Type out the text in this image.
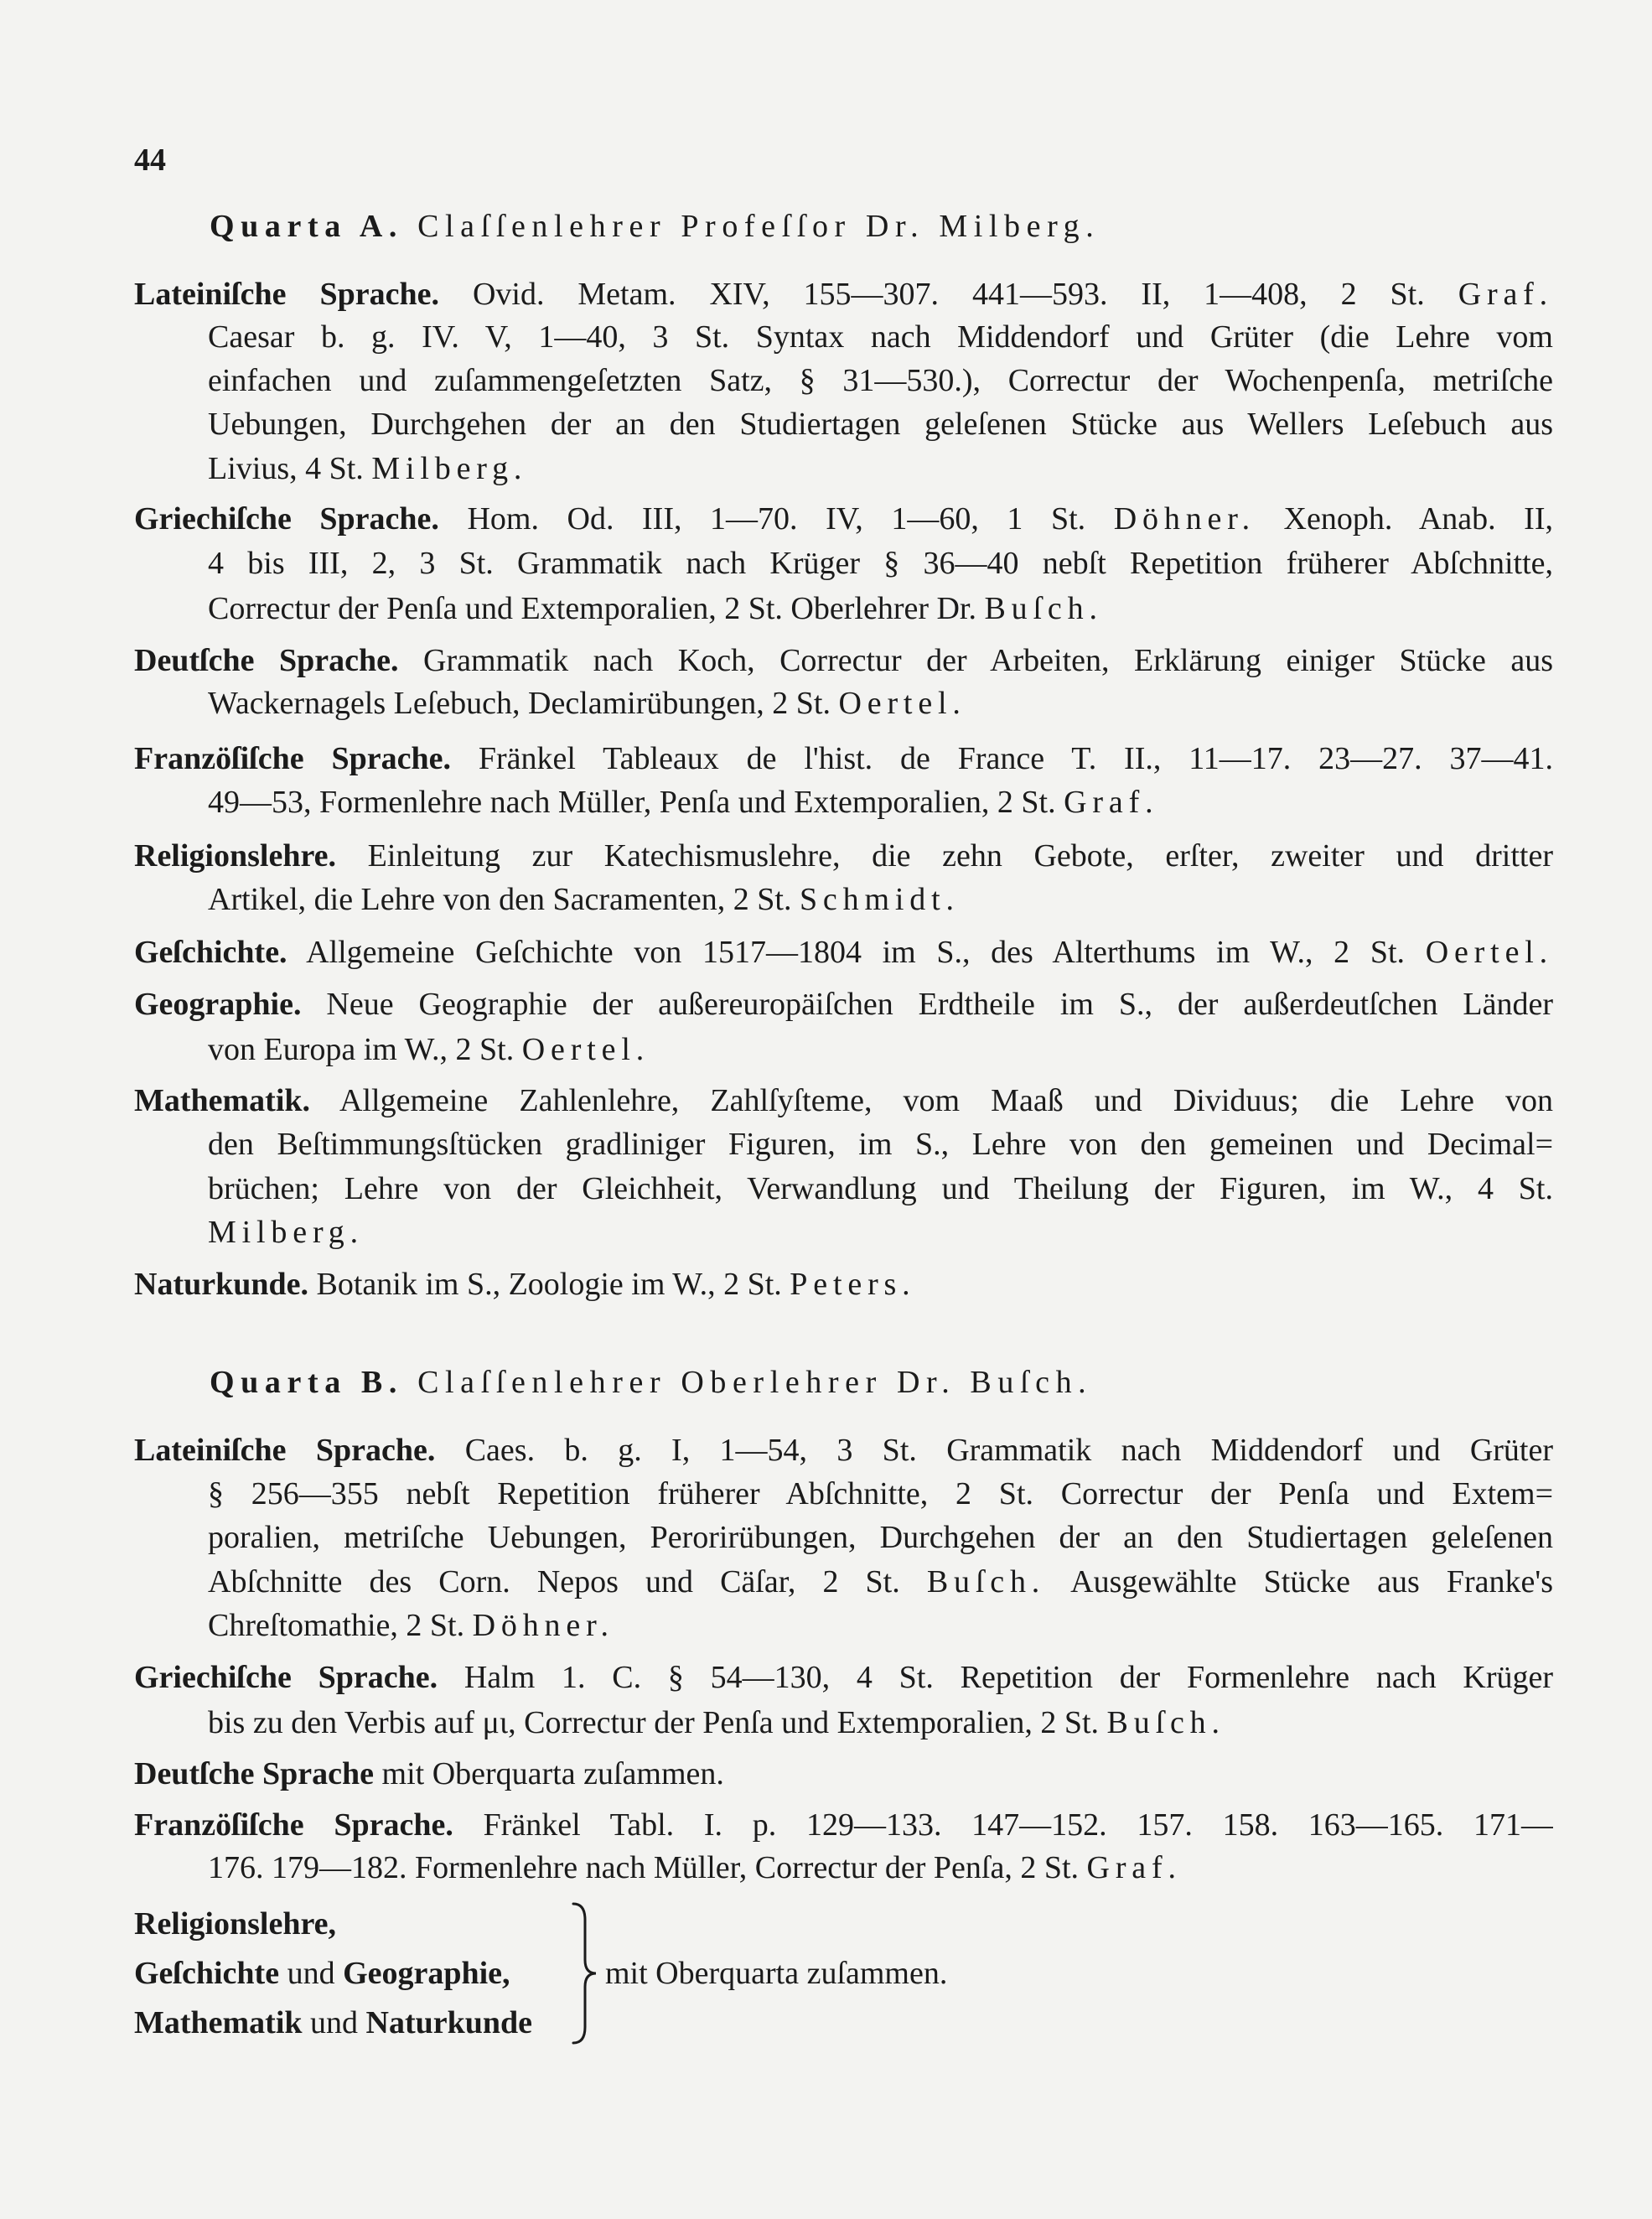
44
Quarta A. Claſſenlehrer Profeſſor Dr. Milberg.
Lateiniſche Sprache. Ovid. Metam. XIV, 155—307. 441—593. II, 1—408, 2 St. Graf.
Caesar b. g. IV. V, 1—40, 3 St. Syntax nach Middendorf und Grüter (die Lehre vom
einfachen und zuſammengeſetzten Satz, § 31—530.), Correctur der Wochenpenſa, metriſche
Uebungen, Durchgehen der an den Studiertagen geleſenen Stücke aus Wellers Leſebuch aus
Livius, 4 St. Milberg.
Griechiſche Sprache. Hom. Od. III, 1—70. IV, 1—60, 1 St. Döhner. Xenoph. Anab. II,
4 bis III, 2, 3 St. Grammatik nach Krüger § 36—40 nebſt Repetition früherer Abſchnitte,
Correctur der Penſa und Extemporalien, 2 St. Oberlehrer Dr. Buſch.
Deutſche Sprache. Grammatik nach Koch, Correctur der Arbeiten, Erklärung einiger Stücke aus
Wackernagels Leſebuch, Declamirübungen, 2 St. Oertel.
Franzöſiſche Sprache. Fränkel Tableaux de l'hist. de France T. II., 11—17. 23—27. 37—41.
49—53, Formenlehre nach Müller, Penſa und Extemporalien, 2 St. Graf.
Religionslehre. Einleitung zur Katechismuslehre, die zehn Gebote, erſter, zweiter und dritter
Artikel, die Lehre von den Sacramenten, 2 St. Schmidt.
Geſchichte. Allgemeine Geſchichte von 1517—1804 im S., des Alterthums im W., 2 St. Oertel.
Geographie. Neue Geographie der außereuropäiſchen Erdtheile im S., der außerdeutſchen Länder
von Europa im W., 2 St. Oertel.
Mathematik. Allgemeine Zahlenlehre, Zahlſyſteme, vom Maaß und Dividuus; die Lehre von
den Beſtimmungsſtücken gradliniger Figuren, im S., Lehre von den gemeinen und Decimal=
brüchen; Lehre von der Gleichheit, Verwandlung und Theilung der Figuren, im W., 4 St.
Milberg.
Naturkunde. Botanik im S., Zoologie im W., 2 St. Peters.
Quarta B. Claſſenlehrer Oberlehrer Dr. Buſch.
Lateiniſche Sprache. Caes. b. g. I, 1—54, 3 St. Grammatik nach Middendorf und Grüter
§ 256—355 nebſt Repetition früherer Abſchnitte, 2 St. Correctur der Penſa und Extem=
poralien, metriſche Uebungen, Perorirübungen, Durchgehen der an den Studiertagen geleſenen
Abſchnitte des Corn. Nepos und Cäſar, 2 St. Buſch. Ausgewählte Stücke aus Franke's
Chreſtomathie, 2 St. Döhner.
Griechiſche Sprache. Halm 1. C. § 54—130, 4 St. Repetition der Formenlehre nach Krüger
bis zu den Verbis auf μι, Correctur der Penſa und Extemporalien, 2 St. Buſch.
Deutſche Sprache mit Oberquarta zuſammen.
Franzöſiſche Sprache. Fränkel Tabl. I. p. 129—133. 147—152. 157. 158. 163—165. 171—
176. 179—182. Formenlehre nach Müller, Correctur der Penſa, 2 St. Graf.
Religionslehre,
Geſchichte und Geographie,
Mathematik und Naturkunde
mit Oberquarta zuſammen.
